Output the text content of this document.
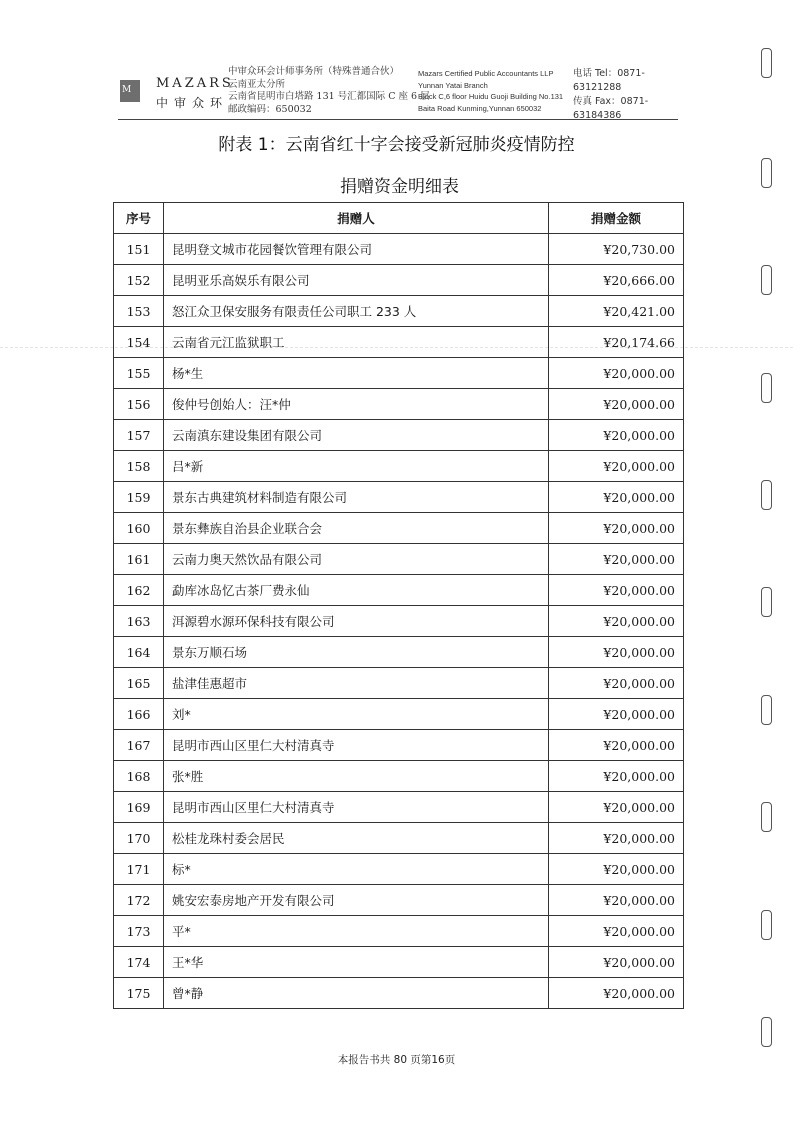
M MAZARS
中审众环
中审众环会计师事务所（特殊普通合伙）
云南亚太分所
云南省昆明市白塔路 131 号汇都国际 C 座 6 层
邮政编码：650032
Mazars Certified Public Accountants LLP
Yunnan Yatai Branch
Block C,6 floor Huidu Guoji Building No.131
Baita Road Kunming,Yunnan 650032
电话 Tel：0871-63121288
传真 Fax：0871-63184386
附表 1：云南省红十字会接受新冠肺炎疫情防控
捐赠资金明细表
序号	捐赠人	捐赠金额
151	昆明登文城市花园餐饮管理有限公司	¥20,730.00
152	昆明亚乐高娱乐有限公司	¥20,666.00
153	怒江众卫保安服务有限责任公司职工 233 人	¥20,421.00
154	云南省元江监狱职工	¥20,174.66
155	杨*生	¥20,000.00
156	俊仲号创始人：汪*仲	¥20,000.00
157	云南滇东建设集团有限公司	¥20,000.00
158	吕*新	¥20,000.00
159	景东古典建筑材料制造有限公司	¥20,000.00
160	景东彝族自治县企业联合会	¥20,000.00
161	云南力奥天然饮品有限公司	¥20,000.00
162	勐库冰岛忆古茶厂费永仙	¥20,000.00
163	洱源碧水源环保科技有限公司	¥20,000.00
164	景东万顺石场	¥20,000.00
165	盐津佳惠超市	¥20,000.00
166	刘*	¥20,000.00
167	昆明市西山区里仁大村清真寺	¥20,000.00
168	张*胜	¥20,000.00
169	昆明市西山区里仁大村清真寺	¥20,000.00
170	松桂龙珠村委会居民	¥20,000.00
171	标*	¥20,000.00
172	姚安宏泰房地产开发有限公司	¥20,000.00
173	平*	¥20,000.00
174	王*华	¥20,000.00
175	曾*静	¥20,000.00
本报告书共 80 页第16页
